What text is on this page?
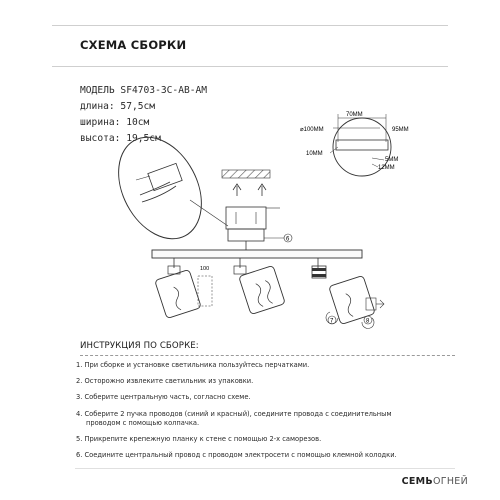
СХЕМА СБОРКИ
МОДЕЛЬ SF4703-3C-AB-AM
длина: 57,5см
ширина: 10см
высота: 19,5см
70ММ
95ММ
⌀100ММ
10ММ
5ММ
12ММ
6
100
7	8
ИНСТРУКЦИЯ ПО СБОРКЕ:
1. При сборке и установке светильника пользуйтесь перчатками.
2. Осторожно извлеките светильник из упаковки.
3. Соберите центральную часть, согласно схеме.
4. Соберите 2 пучка проводов (синий и красный), соедините провода с соединительным
проводом с помощью колпачка.
5. Прикрепите крепежную планку к стене с помощью 2-х саморезов.
6. Соедините центральный провод с проводом электросети с помощью клемной колодки.
СЕМЬОГНЕЙ
